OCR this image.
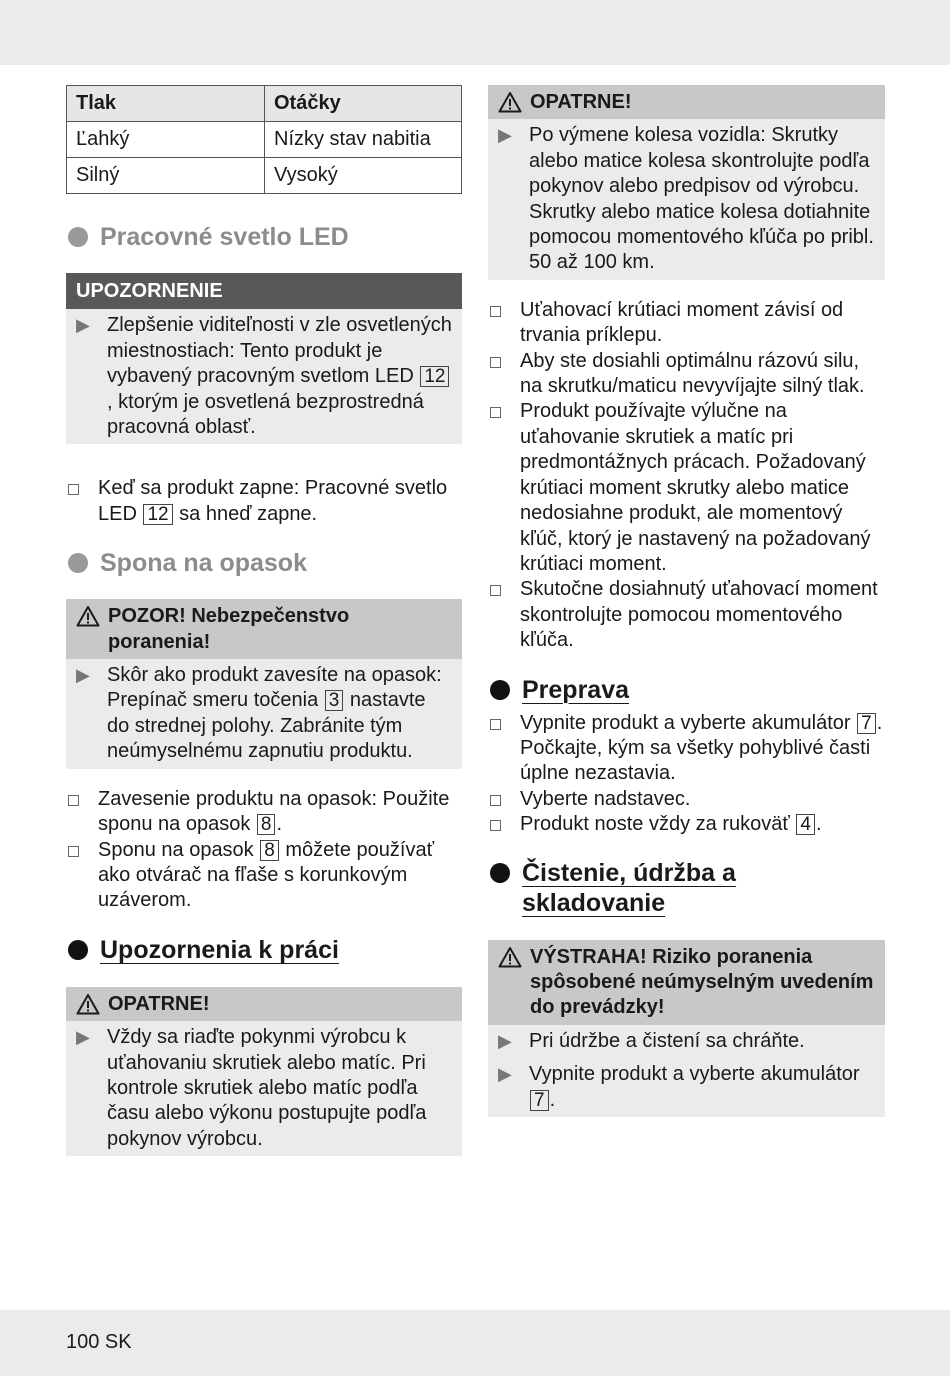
Tlak	Otáčky
Ľahký	Nízky stav nabitia
Silný	Vysoký
Pracovné svetlo LED
UPOZORNENIE
▶ Zlepšenie viditeľnosti v zle osvetlených miestnostiach: Tento produkt je vybavený pracovným svetlom LED 12, ktorým je osvetlená bezprostredná pracovná oblasť.
Keď sa produkt zapne: Pracovné svetlo LED 12 sa hneď zapne.
Spona na opasok
POZOR! Nebezpečenstvo poranenia!
▶ Skôr ako produkt zavesíte na opasok: Prepínač smeru točenia 3 nastavte do strednej polohy. Zabránite tým neúmyselnému zapnutiu produktu.
Zavesenie produktu na opasok: Použite sponu na opasok 8 .
Sponu na opasok 8 môžete používať ako otvárač na fľaše s korunkovým uzáverom.
Upozornenia k práci
OPATRNE!
▶ Vždy sa riaďte pokynmi výrobcu k uťahovaniu skrutiek alebo matíc. Pri kontrole skrutiek alebo matíc podľa času alebo výkonu postupujte podľa pokynov výrobcu.
OPATRNE!
▶ Po výmene kolesa vozidla: Skrutky alebo matice kolesa skontrolujte podľa pokynov alebo predpisov od výrobcu. Skrutky alebo matice kolesa dotiahnite pomocou momentového kľúča po pribl. 50 až 100 km.
Uťahovací krútiaci moment závisí od trvania príklepu.
Aby ste dosiahli optimálnu rázovú silu, na skrutku/maticu nevyvíjajte silný tlak.
Produkt používajte výlučne na uťahovanie skrutiek a matíc pri predmontážnych prácach. Požadovaný krútiaci moment skrutky alebo matice nedosiahne produkt, ale momentový kľúč, ktorý je nastavený na požadovaný krútiaci moment.
Skutočne dosiahnutý uťahovací moment skontrolujte pomocou momentového kľúča.
Preprava
Vypnite produkt a vyberte akumulátor 7 . Počkajte, kým sa všetky pohyblivé časti úplne nezastavia.
Vyberte nadstavec.
Produkt noste vždy za rukoväť 4 .
Čistenie, údržba a
skladovanie
VÝSTRAHA! Riziko poranenia spôsobené neúmyselným uvedením do prevádzky!
▶ Pri údržbe a čistení sa chráňte.
▶ Vypnite produkt a vyberte akumulátor 7 .
100 SK
